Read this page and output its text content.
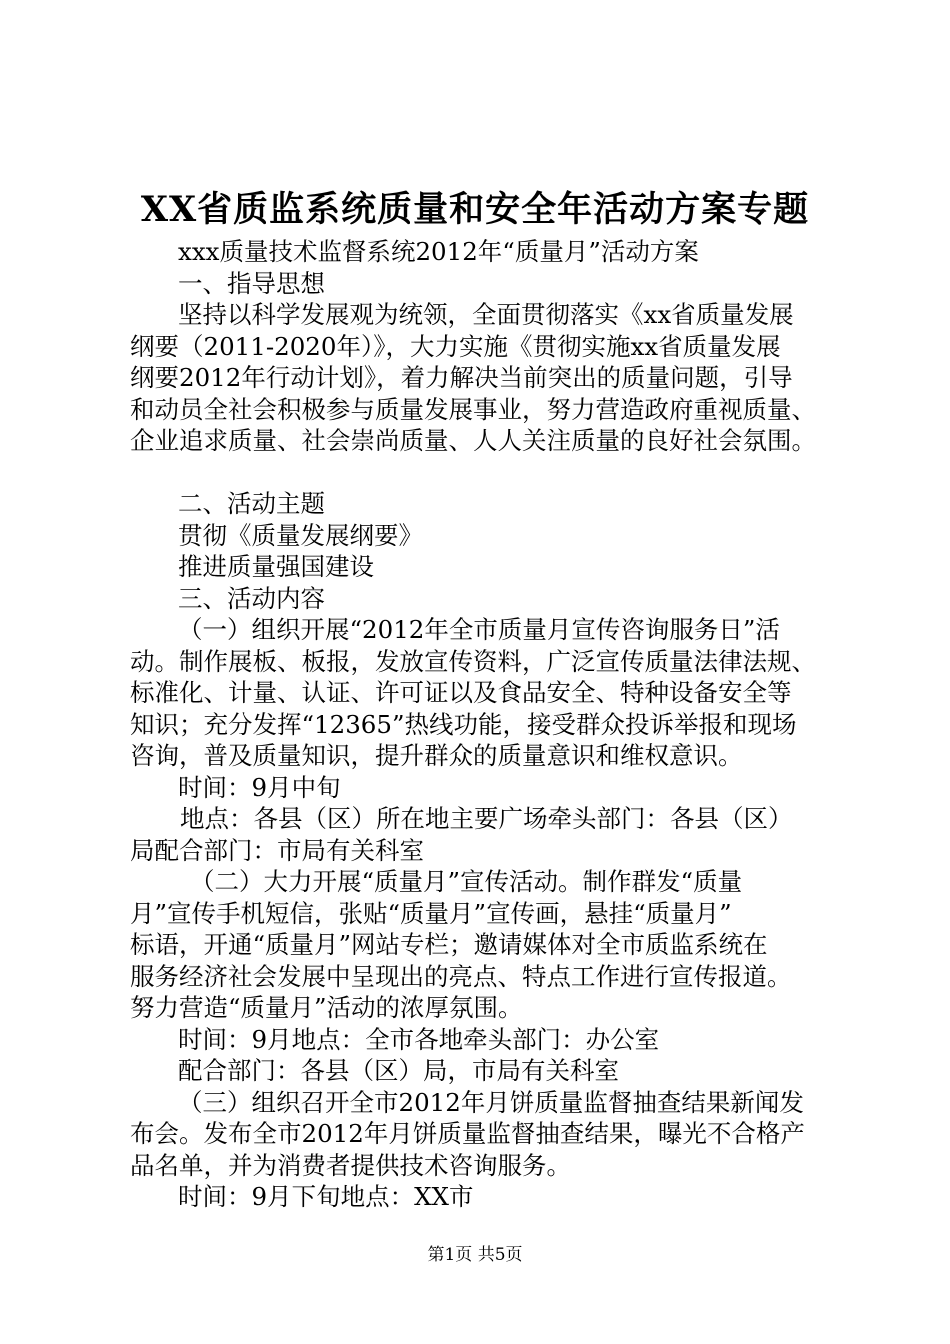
XX省质监系统质量和安全年活动方案专题
xxx质量技术监督系统2012年“质量月”活动方案
一、指导思想
坚持以科学发展观为统领，全面贯彻落实《xx省质量发展
纲要（2011-2020年）》，大力实施《贯彻实施xx省质量发展
纲要2012年行动计划》，着力解决当前突出的质量问题，引导
和动员全社会积极参与质量发展事业，努力营造政府重视质量、
企业追求质量、社会崇尚质量、人人关注质量的良好社会氛围。
二、活动主题
贯彻《质量发展纲要》
推进质量强国建设
三、活动内容
（一）组织开展“2012年全市质量月宣传咨询服务日”活
动。制作展板、板报，发放宣传资料，广泛宣传质量法律法规、
标准化、计量、认证、许可证以及食品安全、特种设备安全等
知识；充分发挥“12365”热线功能，接受群众投诉举报和现场
咨询，普及质量知识，提升群众的质量意识和维权意识。
时间：9月中旬
地点：各县（区）所在地主要广场牵头部门：各县（区）
局配合部门：市局有关科室
（二）大力开展“质量月”宣传活动。制作群发“质量
月”宣传手机短信，张贴“质量月”宣传画，悬挂“质量月”
标语，开通“质量月”网站专栏；邀请媒体对全市质监系统在
服务经济社会发展中呈现出的亮点、特点工作进行宣传报道。
努力营造“质量月”活动的浓厚氛围。
时间：9月地点：全市各地牵头部门：办公室
配合部门：各县（区）局，市局有关科室
（三）组织召开全市2012年月饼质量监督抽查结果新闻发
布会。发布全市2012年月饼质量监督抽查结果，曝光不合格产
品名单，并为消费者提供技术咨询服务。
时间：9月下旬地点：XX市
第1页 共5页
